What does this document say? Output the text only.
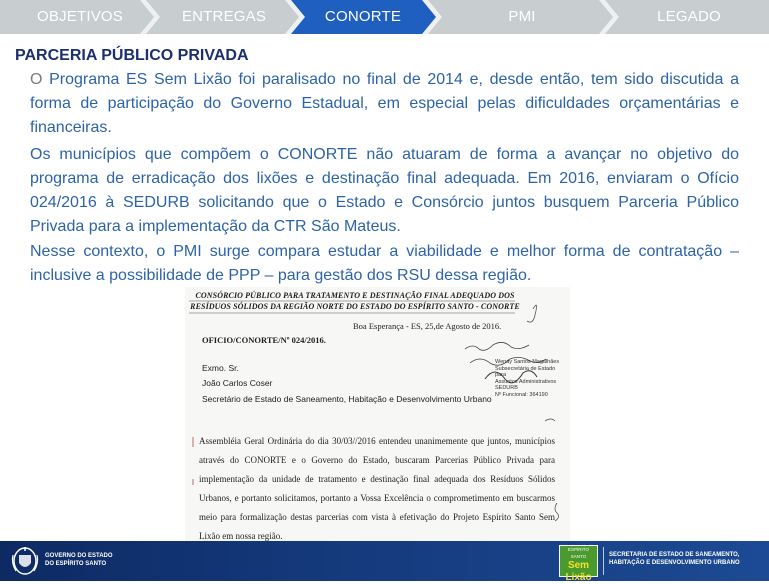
OBJETIVOS	ENTREGAS	CONORTE	PMI	LEGADO
PARCERIA PÚBLICO PRIVADA

O Programa ES Sem Lixão foi paralisado no final de 2014 e, desde então, tem sido discutida a forma de participação do Governo Estadual, em especial pelas dificuldades orçamentárias e financeiras.

Os municípios que compõem o CONORTE não atuaram de forma a avançar no objetivo do programa de erradicação dos lixões e destinação final adequada. Em 2016, enviaram o Ofício 024/2016 à SEDURB solicitando que o Estado e Consórcio juntos busquem Parceria Público Privada para a implementação da CTR São Mateus.

Nesse contexto, o PMI surge compara estudar a viabilidade e melhor forma de contratação – inclusive a possibilidade de PPP – para gestão dos RSU dessa região.

CONSÓRCIO PÚBLICO PARA TRATAMENTO E DESTINAÇÃO FINAL ADEQUADO DOS
RESÍDUOS SÓLIDOS DA REGIÃO NORTE DO ESTADO DO ESPÍRITO SANTO - CONORTE
Boa Esperança - ES, 25,de Agosto de 2016.
OFICIO/CONORTE/Nº 024/2016.
Exmo. Sr.
João Carlos Coser
Secretário de Estado de Saneamento, Habitação e Desenvolvimento Urbano
Wendy Santos Magalhães
Subsecretária de Estado para
Assuntos Administrativos SEDURB
Nº Funcional: 364190

Assembléia Geral Ordinária do dia 30/03//2016 entendeu unanimemente que juntos, municípios através do CONORTE e o Governo do Estado, buscaram Parcerias Público Privada para implementação da unidade de tratamento e destinação final adequada dos Resíduos Sólidos Urbanos, e portanto solicitamos, portanto a Vossa Excelência o comprometimento em buscarmos meio para formalização destas parcerias com vista à efetivação do Projeto Espírito Santo Sem Lixão em nossa região.

GOVERNO DO ESTADO
DO ESPÍRITO SANTO
ESPÍRITO SANTO
Sem Lixão
SECRETARIA DE ESTADO DE SANEAMENTO,
HABITAÇÃO E DESENVOLVIMENTO URBANO
